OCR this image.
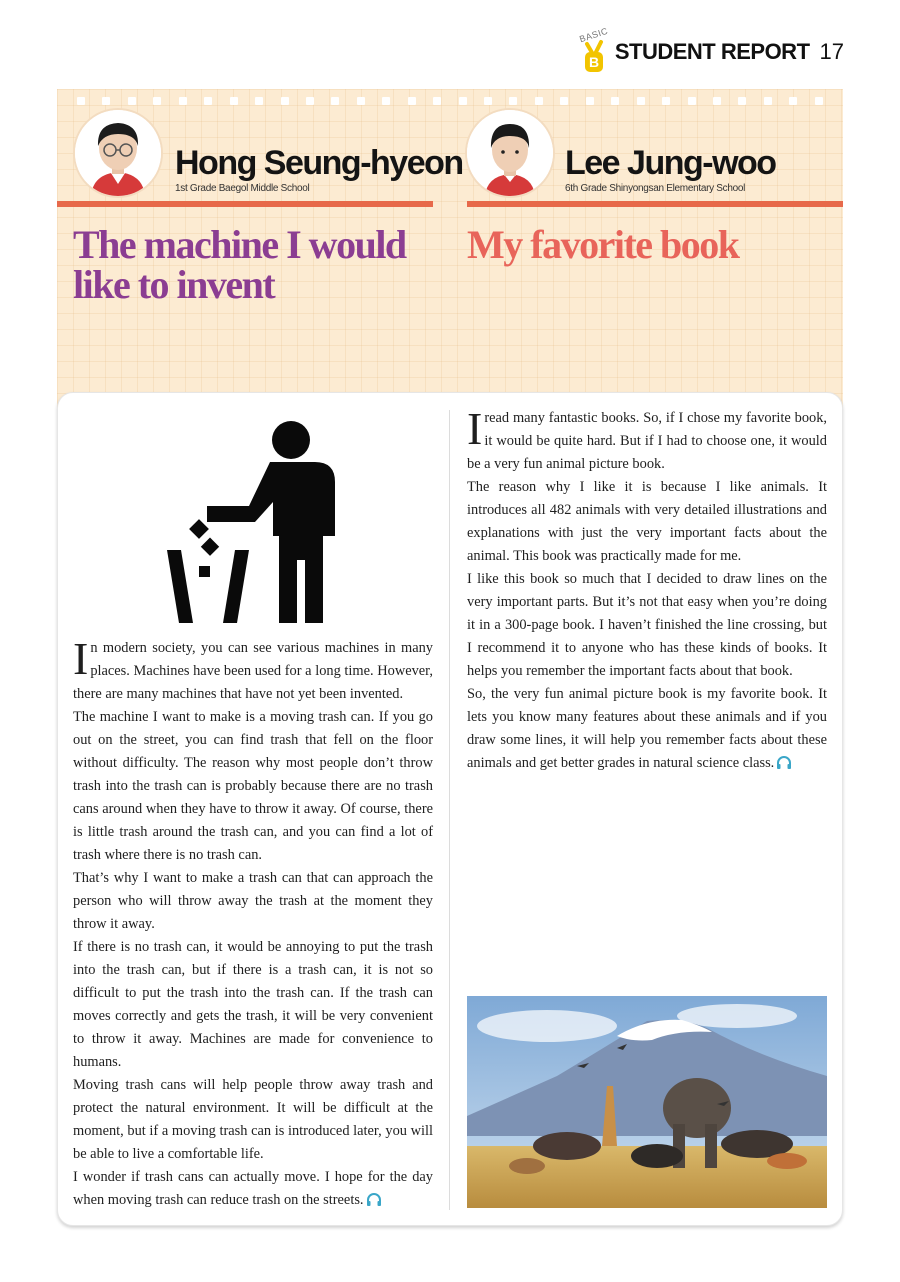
BASIC
B STUDENT REPORT 17
Hong Seung-hyeon
1st Grade Baegol Middle School
Lee Jung-woo
6th Grade Shinyongsan Elementary School
The machine I would like to invent
My favorite book

In modern society, you can see various machines in many places. Machines have been used for a long time. However, there are many machines that have not yet been invented.

The machine I want to make is a moving trash can. If you go out on the street, you can find trash that fell on the floor without difficulty. The reason why most people don’t throw trash into the trash can is probably because there are no trash cans around when they have to throw it away. Of course, there is little trash around the trash can, and you can find a lot of trash where there is no trash can.

That’s why I want to make a trash can that can approach the person who will throw away the trash at the moment they throw it away.

If there is no trash can, it would be annoying to put the trash into the trash can, but if there is a trash can, it is not so difficult to put the trash into the trash can. If the trash can moves correctly and gets the trash, it will be very convenient to throw it away. Machines are made for convenience to humans.

Moving trash cans will help people throw away trash and protect the natural environment. It will be difficult at the moment, but if a moving trash can is introduced later, you will be able to live a comfortable life.

I wonder if trash cans can actually move. I hope for the day when moving trash can reduce trash on the streets.

I read many fantastic books. So, if I chose my favorite book, it would be quite hard. But if I had to choose one, it would be a very fun animal picture book.

The reason why I like it is because I like animals. It introduces all 482 animals with very detailed illustrations and explanations with just the very important facts about the animal. This book was practically made for me.

I like this book so much that I decided to draw lines on the very important parts. But it’s not that easy when you’re doing it in a 300-page book. I haven’t finished the line crossing, but I recommend it to anyone who has these kinds of books. It helps you remember the important facts about that book.

So, the very fun animal picture book is my favorite book. It lets you know many features about these animals and if you draw some lines, it will help you remember facts about these animals and get better grades in natural science class.
